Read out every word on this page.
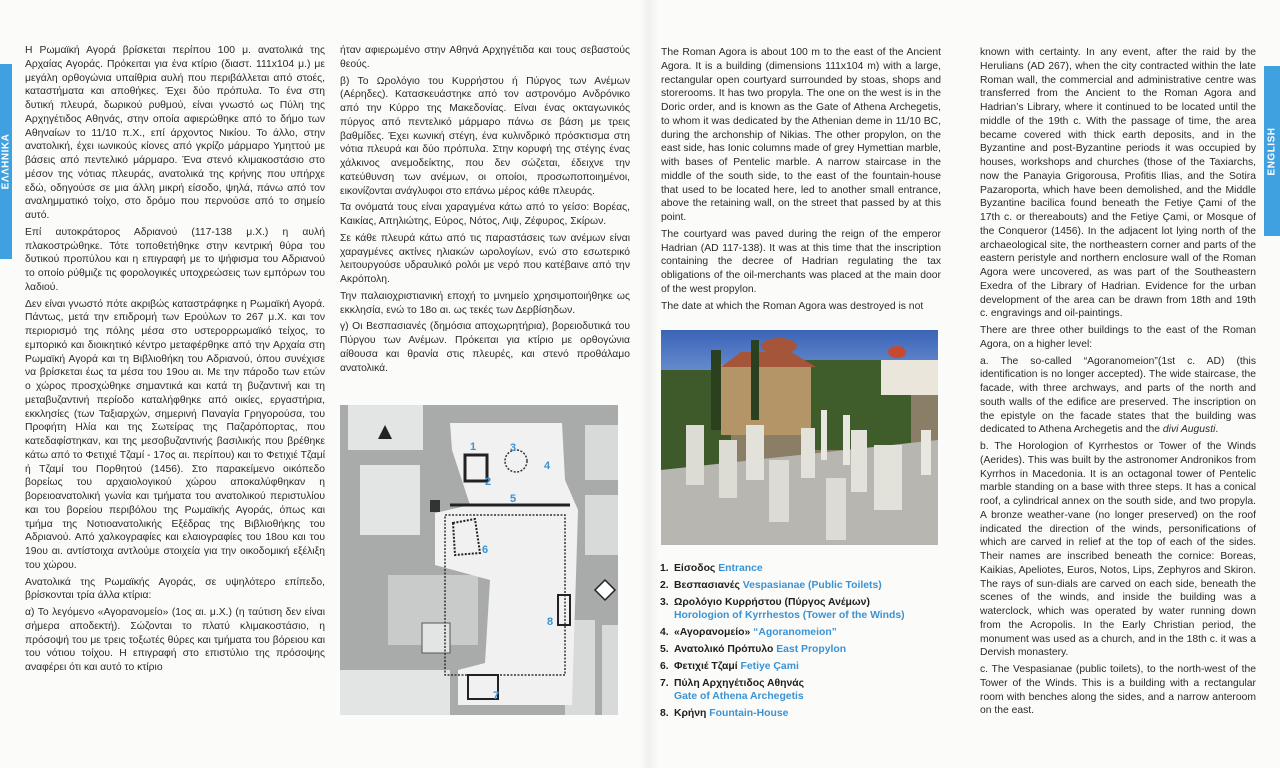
ΕΛΛΗΝΙΚΑ	ENGLISH

Η Ρωμαϊκή Αγορά βρίσκεται περίπου 100 μ. ανατολικά της Αρχαίας Αγοράς. Πρόκειται για ένα κτίριο (διαστ. 111x104 μ.) με μεγάλη ορθογώνια υπαίθρια αυλή που περιβάλλεται από στοές, καταστήματα και αποθήκες. Έχει δύο πρόπυλα. Το ένα στη δυτική πλευρά, δωρικού ρυθμού, είναι γνωστό ως Πύλη της Αρχηγέτιδος Αθηνάς, στην οποία αφιερώθηκε από το δήμο των Αθηναίων το 11/10 π.Χ., επί άρχοντος Νικίου. Το άλλο, στην ανατολική, έχει ιωνικούς κίονες από γκρίζο μάρμαρο Υμηττού με βάσεις από πεντελικό μάρμαρο. Ένα στενό κλιμακοστάσιο στο μέσον της νότιας πλευράς, ανατολικά της κρήνης που υπήρχε εδώ, οδηγούσε σε μια άλλη μικρή είσοδο, ψηλά, πάνω από τον αναλημματικό τοίχο, στο δρόμο που περνούσε από το σημείο αυτό.

Επί αυτοκράτορος Αδριανού (117-138 μ.Χ.) η αυλή πλακοστρώθηκε. Τότε τοποθετήθηκε στην κεντρική θύρα του δυτικού προπύλου και η επιγραφή με το ψήφισμα του Αδριανού το οποίο ρύθμιζε τις φορολογικές υποχρεώσεις των εμπόρων του λαδιού.

Δεν είναι γνωστό πότε ακριβώς καταστράφηκε η Ρωμαϊκή Αγορά. Πάντως, μετά την επιδρομή των Ερούλων το 267 μ.Χ. και τον περιορισμό της πόλης μέσα στο υστερορρωμαϊκό τείχος, το εμπορικό και διοικητικό κέντρο μεταφέρθηκε από την Αρχαία στη Ρωμαϊκή Αγορά και τη Βιβλιοθήκη του Αδριανού, όπου συνέχισε να βρίσκεται έως τα μέσα του 19ου αι. Με την πάροδο των ετών ο χώρος προσχώθηκε σημαντικά και κατά τη βυζαντινή και τη μεταβυζαντινή περίοδο καταλήφθηκε από οικίες, εργαστήρια, εκκλησίες (των Ταξιαρχών, σημερινή Παναγία Γρηγορούσα, του Προφήτη Ηλία και της Σωτείρας της Παζαρόπορτας, που κατεδαφίστηκαν, και της μεσοβυζαντινής βασιλικής που βρέθηκε κάτω από το Φετιχιέ Τζαμί - 17ος αι. περίπου) και το Φετιχιέ Τζαμί ή Τζαμί του Πορθητού (1456). Στο παρακείμενο οικόπεδο βορείως του αρχαιολογικού χώρου αποκαλύφθηκαν η βορειοανατολική γωνία και τμήματα του ανατολικού περιστυλίου και του βορείου περιβόλου της Ρωμαϊκής Αγοράς, όπως και τμήμα της Νοτιοανατολικής Εξέδρας της Βιβλιοθήκης του Αδριανού. Από χαλκογραφίες και ελαιογραφίες του 18ου και του 19ου αι. αντίστοιχα αντλούμε στοιχεία για την οικοδομική εξέλιξη του χώρου.

Ανατολικά της Ρωμαϊκής Αγοράς, σε υψηλότερο επίπεδο, βρίσκονται τρία άλλα κτίρια:

α) Το λεγόμενο «Αγορανομείο» (1ος αι. μ.Χ.) (η ταύτιση δεν είναι σήμερα αποδεκτή). Σώζονται το πλατύ κλιμακοστάσιο, η πρόσοψή του με τρεις τοξωτές θύρες και τμήματα του βόρειου και του νότιου τοίχου. Η επιγραφή στο επιστύλιο της πρόσοψης αναφέρει ότι και αυτό το κτίριο

ήταν αφιερωμένο στην Αθηνά Αρχηγέτιδα και τους σεβαστούς θεούς.

β) Το Ωρολόγιο του Κυρρήστου ή Πύργος των Ανέμων (Αέρηδες). Κατασκευάστηκε από τον αστρονόμο Ανδρόνικο από την Κύρρο της Μακεδονίας. Είναι ένας οκταγωνικός πύργος από πεντελικό μάρμαρο πάνω σε βάση με τρεις βαθμίδες. Έχει κωνική στέγη, ένα κυλινδρικό πρόσκτισμα στη νότια πλευρά και δύο πρόπυλα. Στην κορυφή της στέγης ένας χάλκινος ανεμοδείκτης, που δεν σώζεται, έδειχνε την κατεύθυνση των ανέμων, οι οποίοι, προσωποποιημένοι, εικονίζονται ανάγλυφοι στο επάνω μέρος κάθε πλευράς.

Τα ονόματά τους είναι χαραγμένα κάτω από το γείσο: Βορέας, Καικίας, Απηλιώτης, Εύρος, Νότος, Λιψ, Ζέφυρος, Σκίρων.

Σε κάθε πλευρά κάτω από τις παραστάσεις των ανέμων είναι χαραγμένες ακτίνες ηλιακών ωρολογίων, ενώ στο εσωτερικό λειτουργούσε υδραυλικό ρολόι με νερό που κατέβαινε από την Ακρόπολη.

Την παλαιοχριστιανική εποχή το μνημείο χρησιμοποιήθηκε ως εκκλησία, ενώ το 18ο αι. ως τεκές των Δερβίσηδων.

γ) Οι Βεσπασιανές (δημόσια αποχωρητήρια), βορειοδυτικά του Πύργου των Ανέμων. Πρόκειται για κτίριο με ορθογώνια αίθουσα και θρανία στις πλευρές, και στενό προθάλαμο ανατολικά.

1
2
3
4
5
6
7
8

The Roman Agora is about 100 m to the east of the Ancient Agora. It is a building (dimensions 111x104 m) with a large, rectangular open courtyard surrounded by stoas, shops and storerooms. It has two propyla. The one on the west is in the Doric order, and is known as the Gate of Athena Archegetis, to whom it was dedicated by the Athenian deme in 11/10 BC, during the archonship of Nikias. The other propylon, on the east side, has Ionic columns made of grey Hymettian marble, with bases of Pentelic marble. A narrow staircase in the middle of the south side, to the east of the fountain-house that used to be located here, led to another small entrance, above the retaining wall, on the street that passed by at this point.

The courtyard was paved during the reign of the emperor Hadrian (AD 117-138). It was at this time that the inscription containing the decree of Hadrian regulating the tax obligations of the oil-merchants was placed at the main door of the west propylon.

The date at which the Roman Agora was destroyed is not

1. Είσοδος Entrance
2. Βεσπασιανές Vespasianae (Public Toilets)
3. Ωρολόγιο Κυρρήστου (Πύργος Ανέμων)
Horologion of Kyrrhestos (Tower of the Winds)
4. «Αγορανομείο» “Agoranomeion”
5. Ανατολικό Πρόπυλο East Propylon
6. Φετιχιέ Τζαμί Fetiye Çami
7. Πύλη Αρχηγέτιδος Αθηνάς
Gate of Athena Archegetis
8. Κρήνη Fountain-House

known with certainty. In any event, after the raid by the Herulians (AD 267), when the city contracted within the late Roman wall, the commercial and administrative centre was transferred from the Ancient to the Roman Agora and Hadrian’s Library, where it continued to be located until the middle of the 19th c. With the passage of time, the area became covered with thick earth deposits, and in the Byzantine and post-Byzantine periods it was occupied by houses, workshops and churches (those of the Taxiarchs, now the Panayia Grigorousa, Profitis Ilias, and the Sotira Pazaroporta, which have been demolished, and the Middle Byzantine bacilica found beneath the Fetiye Çami of the 17th c. or thereabouts) and the Fetiye Çami, or Mosque of the Conqueror (1456). In the adjacent lot lying north of the archaeological site, the northeastern corner and parts of the eastern peristyle and northern enclosure wall of the Roman Agora were uncovered, as was part of the Southeastern Exedra of the Library of Hadrian. Evidence for the urban development of the area can be drawn from 18th and 19th c. engravings and oil-paintings.

There are three other buildings to the east of the Roman Agora, on a higher level:

a. The so-called “Agoranomeion”(1st c. AD) (this identification is no longer accepted). The wide staircase, the facade, with three archways, and parts of the north and south walls of the edifice are preserved. The inscription on the epistyle on the facade states that the building was dedicated to Athena Archegetis and the divi Augusti.

b. The Horologion of Kyrrhestos or Tower of the Winds (Aerides). This was built by the astronomer Andronikos from Kyrrhos in Macedonia. It is an octagonal tower of Pentelic marble standing on a base with three steps. It has a conical roof, a cylindrical annex on the south side, and two propyla. A bronze weather-vane (no longer preserved) on the roof indicated the direction of the winds, personifications of which are carved in relief at the top of each of the sides. Their names are inscribed beneath the cornice: Boreas, Kaikias, Apeliotes, Euros, Notos, Lips, Zephyros and Skiron. The rays of sun-dials are carved on each side, beneath the scenes of the winds, and inside the building was a waterclock, which was operated by water running down from the Acropolis. In the Early Christian period, the monument was used as a church, and in the 18th c. it was a Dervish monastery.

c. The Vespasianae (public toilets), to the north-west of the Tower of the Winds. This is a building with a rectangular room with benches along the sides, and a narrow anteroom on the east.
